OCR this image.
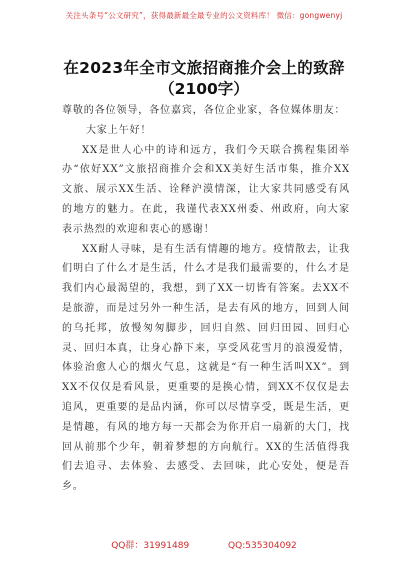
关注头条号“公文研究”，获得最新最全最专业的公文资料库！ 微信：gongwenyj
在2023年全市文旅招商推介会上的致辞
（2100字）

尊敬的各位领导，各位嘉宾，各位企业家，各位媒体朋友：

大家上午好！

XX是世人心中的诗和远方，我们今天联合携程集团举办“依好XX”文旅招商推介会和XX美好生活市集，推介XX文旅、展示XX生活、诠释沪漠情深，让大家共同感受有风的地方的魅力。在此，我谨代表XX州委、州政府，向大家表示热烈的欢迎和衷心的感谢！

XX耐人寻味，是有生活有情趣的地方。疫情散去，让我们明白了什么才是生活，什么才是我们最需要的，什么才是我们内心最渴望的，我想，到了XX一切皆有答案。去XX不是旅游，而是过另外一种生活，是去有风的地方，回到人间的乌托邦，放慢匆匆脚步，回归自然、回归田园、回归心灵、回归本真，让身心静下来，享受风花雪月的浪漫爱情，体验治愈人心的烟火气息，这就是“有一种生活叫XX”。到XX不仅仅是看风景，更重要的是换心情，到XX不仅仅是去追风，更重要的是品内涵，你可以尽情享受，既是生活，更是情趣，有风的地方每一天都会为你开启一扇新的大门，找回从前那个少年，朝着梦想的方向航行。XX的生活值得我们去追寻、去体验、去感受、去回味，此心安处，便是吾乡。

QQ群：31991489	QQ:535304092
